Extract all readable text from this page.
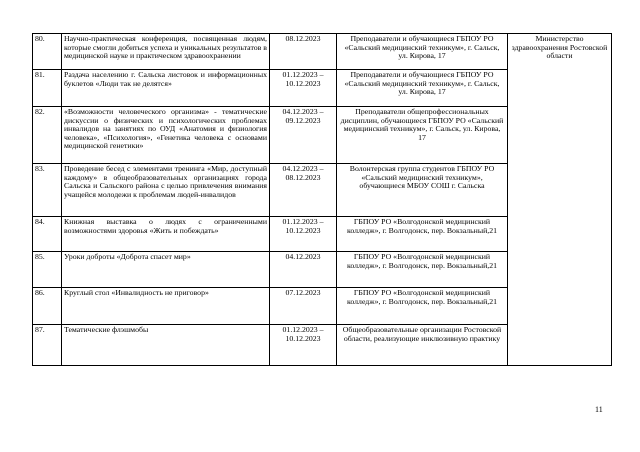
80.	Научно-практическая конференция, посвященная людям, которые смогли добиться успеха и уникальных результатов в медицинской науке и практическом здравоохранении	08.12.2023	Преподаватели и обучающиеся ГБПОУ РО «Сальский медицинский техникум», г. Сальск, ул. Кирова, 17	Министерство здравоохранения Ростовской области
81.	Раздача населению г. Сальска листовок и информационных буклетов «Люди так не делятся»	01.12.2023 – 10.12.2023	Преподаватели и обучающиеся ГБПОУ РО «Сальский медицинский техникум», г. Сальск, ул. Кирова, 17	
82.	«Возможности человеческого организма» - тематические дискуссии о физических и психологических проблемах инвалидов на занятиях по ОУД «Анатомия и физиология человека», «Психология», «Генетика человека с основами медицинской генетики»	04.12.2023 – 09.12.2023	Преподаватели общепрофессиональных дисциплин, обучающиеся ГБПОУ РО «Сальский медицинский техникум», г. Сальск, ул. Кирова, 17	
83.	Проведение бесед с элементами тренинга «Мир, доступный каждому» в общеобразовательных организациях города Сальска и Сальского района с целью привлечения внимания учащейся молодежи к проблемам людей-инвалидов	04.12.2023 – 08.12.2023	Волонтерская группа студентов ГБПОУ РО «Сальский медицинский техникум», обучающиеся МБОУ СОШ г. Сальска	
84.	Книжная выставка о людях с ограниченными возможностями здоровья «Жить и побеждать»	01.12.2023 – 10.12.2023	ГБПОУ РО «Волгодонской медицинский колледж», г. Волгодонск, пер. Вокзальный,21	
85.	Уроки доброты «Доброта спасет мир»	04.12.2023	ГБПОУ РО «Волгодонской медицинский колледж», г. Волгодонск, пер. Вокзальный,21	
86.	Круглый стол «Инвалидность не приговор»	07.12.2023	ГБПОУ РО «Волгодонской медицинский колледж», г. Волгодонск, пер. Вокзальный,21	
87.	Тематические флэшмобы	01.12.2023 – 10.12.2023	Общеобразовательные организации Ростовской области, реализующие инклюзивную практику	
11
